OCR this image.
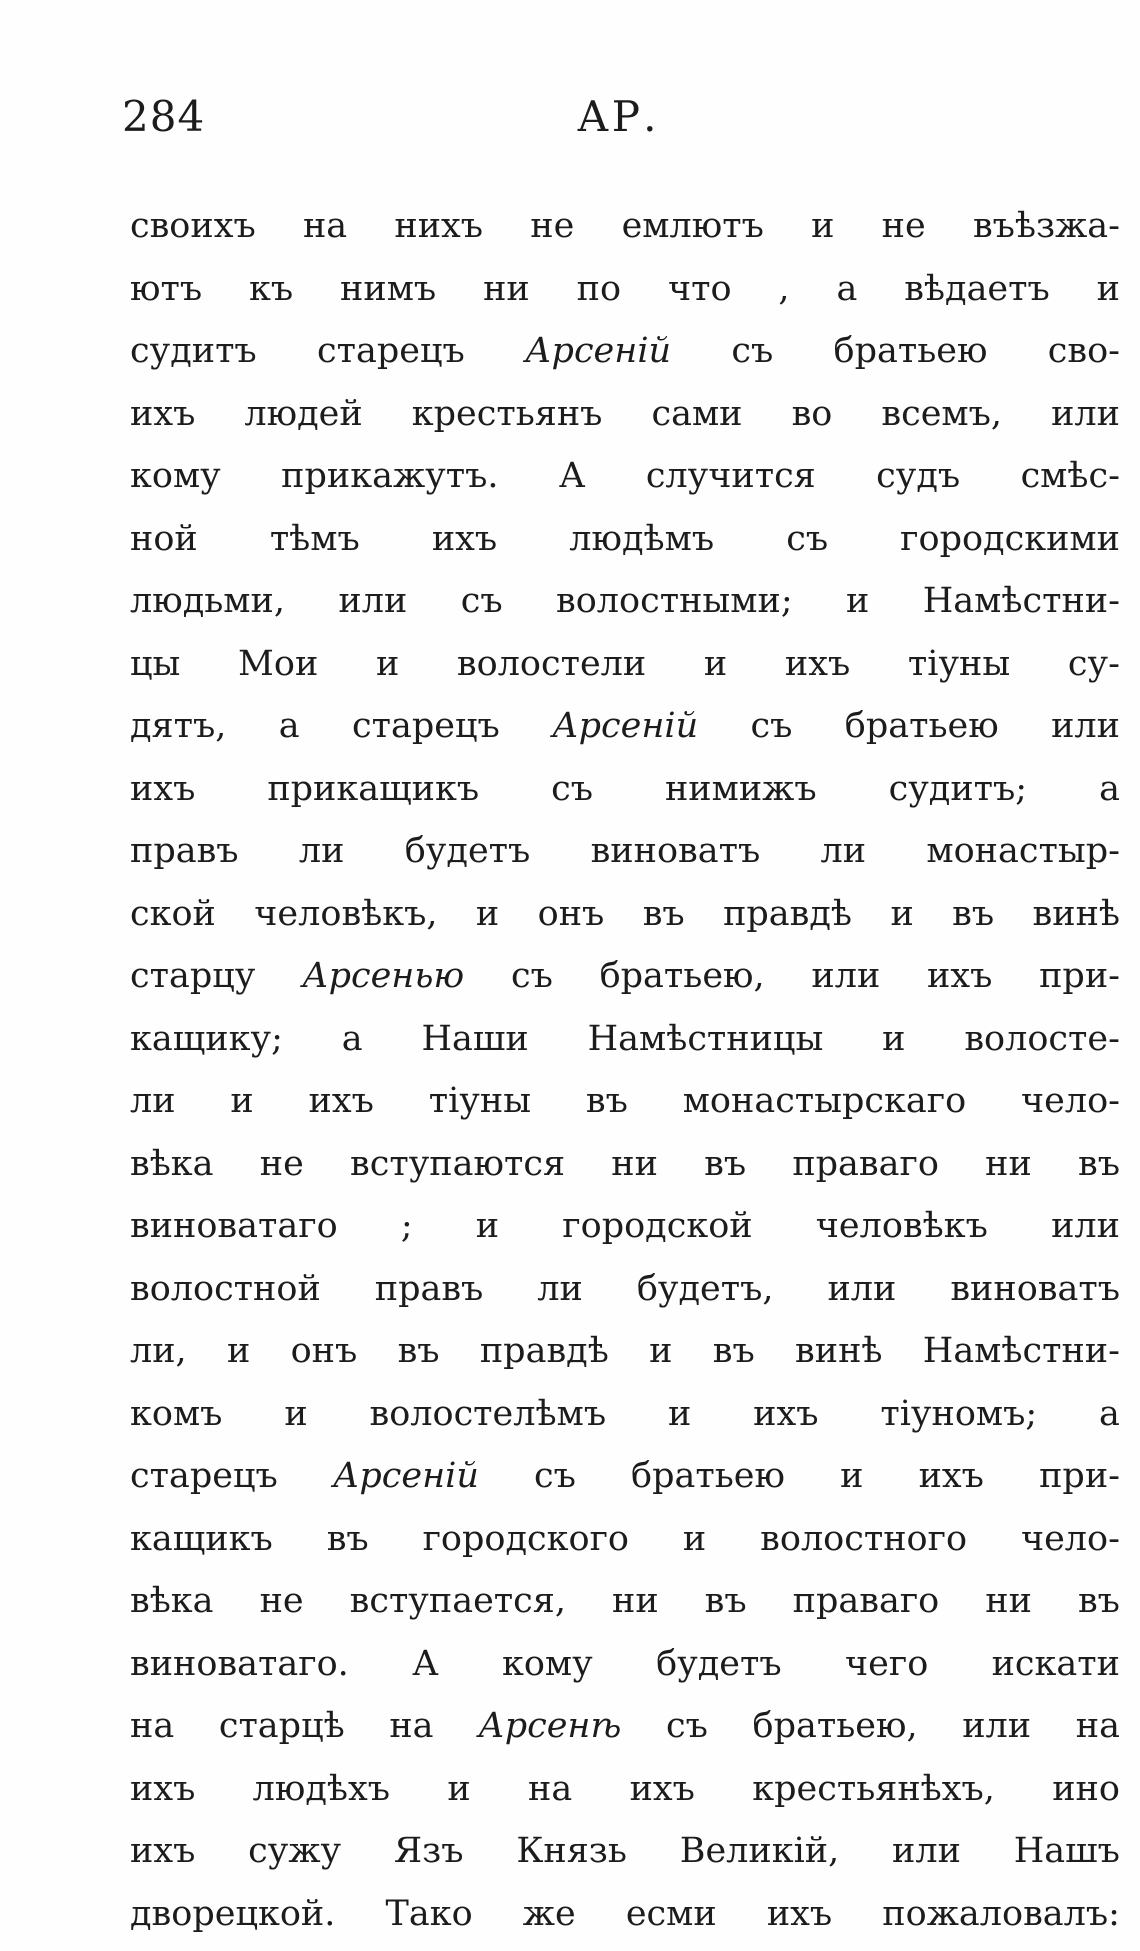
284	АР.
своихъ на нихъ не емлютъ и не въѣзжа-
ютъ къ нимъ ни по что , а вѣдаетъ и
судитъ старецъ Арсенiй съ братьею сво-
ихъ людей крестьянъ сами во всемъ, или
кому прикажутъ. А случится судъ смѣс-
ной тѣмъ ихъ людѣмъ съ городскими
людьми, или съ волостными; и Намѣстни-
цы Мои и волостели и ихъ тiуны су-
дятъ, а старецъ Арсенiй съ братьею или
ихъ прикащикъ съ нимижъ судитъ; а
правъ ли будетъ виноватъ ли монастыр-
ской человѣкъ, и онъ въ правдѣ и въ винѣ
старцу Арсенью съ братьею, или ихъ при-
кащику; а Наши Намѣстницы и волосте-
ли и ихъ тiуны въ монастырскаго чело-
вѣка не вступаются ни въ праваго ни въ
виноватаго ; и городской человѣкъ или
волостной правъ ли будетъ, или виноватъ
ли, и онъ въ правдѣ и въ винѣ Намѣстни-
комъ и волостелѣмъ и ихъ тiуномъ; а
старецъ Арсенiй съ братьею и ихъ при-
кащикъ въ городского и волостного чело-
вѣка не вступается, ни въ праваго ни въ
виноватаго. А кому будетъ чего искати
на старцѣ на Арсенѣ съ братьею, или на
ихъ людѣхъ и на ихъ крестьянѣхъ, ино
ихъ сужу Язъ Князь Великiй, или Нашъ
дворецкой. Тако же есми ихъ пожаловалъ:
